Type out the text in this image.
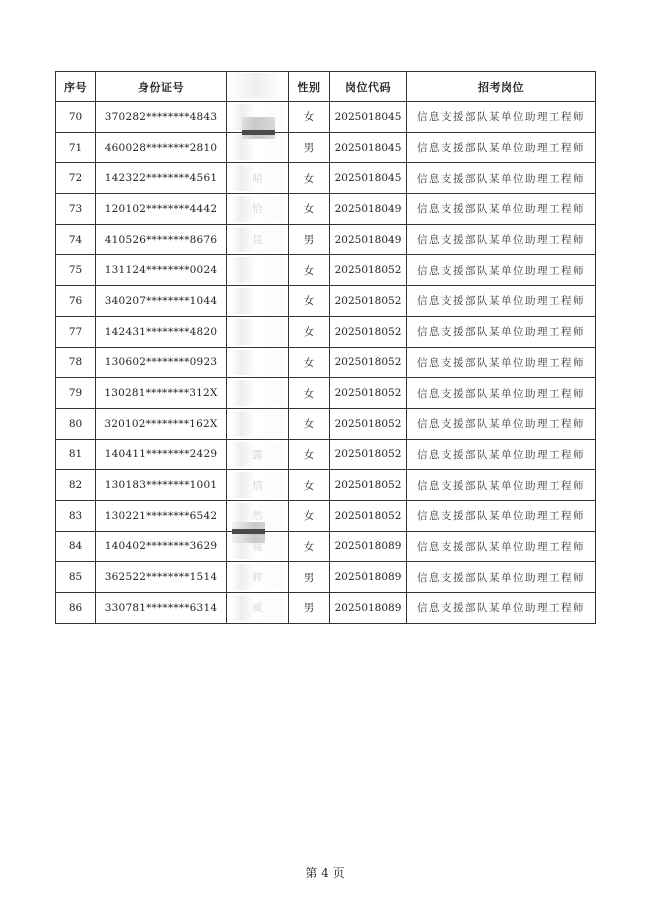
序号	身份证号		性别	岗位代码	招考岗位
70	370282********4843		女	2025018045	信息支援部队某单位助理工程师
71	460028********2810		男	2025018045	信息支援部队某单位助理工程师
72	142322********4561		女	2025018045	信息支援部队某单位助理工程师
73	120102********4442		女	2025018049	信息支援部队某单位助理工程师
74	410526********8676		男	2025018049	信息支援部队某单位助理工程师
75	131124********0024		女	2025018052	信息支援部队某单位助理工程师
76	340207********1044		女	2025018052	信息支援部队某单位助理工程师
77	142431********4820		女	2025018052	信息支援部队某单位助理工程师
78	130602********0923		女	2025018052	信息支援部队某单位助理工程师
79	130281********312X		女	2025018052	信息支援部队某单位助理工程师
80	320102********162X		女	2025018052	信息支援部队某单位助理工程师
81	140411********2429		女	2025018052	信息支援部队某单位助理工程师
82	130183********1001		女	2025018052	信息支援部队某单位助理工程师
83	130221********6542		女	2025018052	信息支援部队某单位助理工程师
84	140402********3629		女	2025018089	信息支援部队某单位助理工程师
85	362522********1514		男	2025018089	信息支援部队某单位助理工程师
86	330781********6314		男	2025018089	信息支援部队某单位助理工程师
第 4 页
